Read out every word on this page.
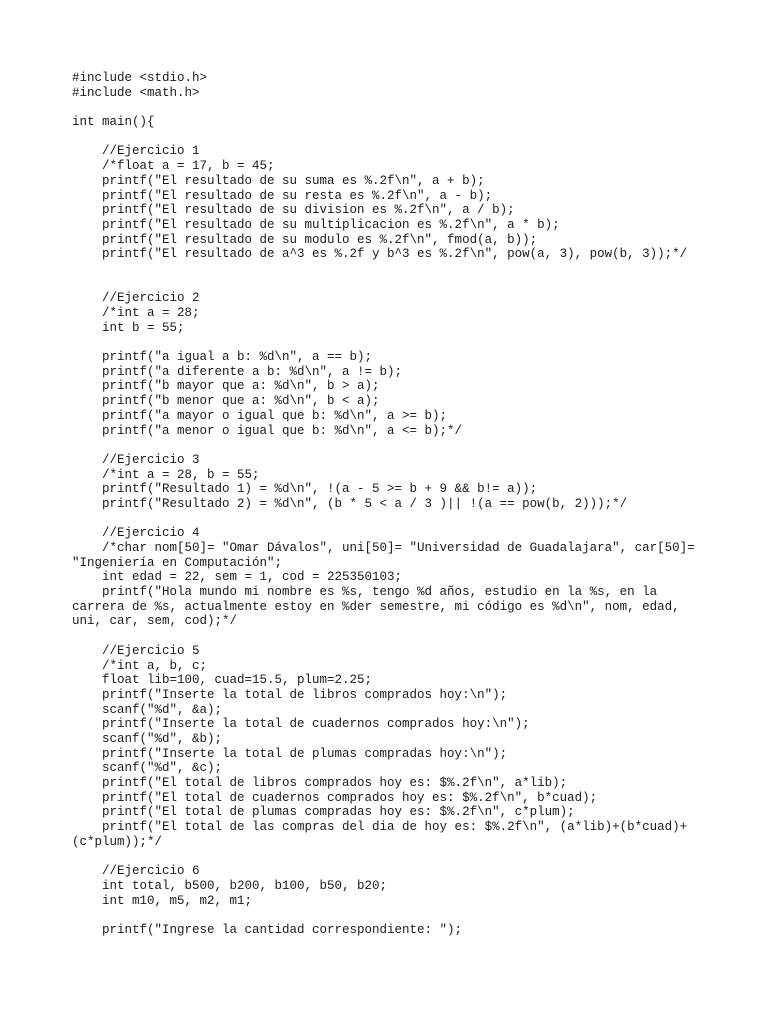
#include <stdio.h>
#include <math.h>
int main(){
//Ejercicio 1
/*float a = 17, b = 45;
printf("El resultado de su suma es %.2f\n", a + b);
printf("El resultado de su resta es %.2f\n", a - b);
printf("El resultado de su division es %.2f\n", a / b);
printf("El resultado de su multiplicacion es %.2f\n", a * b);
printf("El resultado de su modulo es %.2f\n", fmod(a, b));
printf("El resultado de a^3 es %.2f y b^3 es %.2f\n", pow(a, 3), pow(b, 3));*/
//Ejercicio 2
/*int a = 28;
int b = 55;
printf("a igual a b: %d\n", a == b);
printf("a diferente a b: %d\n", a != b);
printf("b mayor que a: %d\n", b > a);
printf("b menor que a: %d\n", b < a);
printf("a mayor o igual que b: %d\n", a >= b);
printf("a menor o igual que b: %d\n", a <= b);*/
//Ejercicio 3
/*int a = 28, b = 55;
printf("Resultado 1) = %d\n", !(a - 5 >= b + 9 && b!= a));
printf("Resultado 2) = %d\n", (b * 5 < a / 3 )|| !(a == pow(b, 2)));*/
//Ejercicio 4
/*char nom[50]= "Omar Dávalos", uni[50]= "Universidad de Guadalajara", car[50]=
"Ingeniería en Computación";
int edad = 22, sem = 1, cod = 225350103;
printf("Hola mundo mi nombre es %s, tengo %d años, estudio en la %s, en la
carrera de %s, actualmente estoy en %der semestre, mi código es %d\n", nom, edad,
uni, car, sem, cod);*/
//Ejercicio 5
/*int a, b, c;
float lib=100, cuad=15.5, plum=2.25;
printf("Inserte la total de libros comprados hoy:\n");
scanf("%d", &a);
printf("Inserte la total de cuadernos comprados hoy:\n");
scanf("%d", &b);
printf("Inserte la total de plumas compradas hoy:\n");
scanf("%d", &c);
printf("El total de libros comprados hoy es: $%.2f\n", a*lib);
printf("El total de cuadernos comprados hoy es: $%.2f\n", b*cuad);
printf("El total de plumas compradas hoy es: $%.2f\n", c*plum);
printf("El total de las compras del dia de hoy es: $%.2f\n", (a*lib)+(b*cuad)+
(c*plum));*/
//Ejercicio 6
int total, b500, b200, b100, b50, b20;
int m10, m5, m2, m1;
printf("Ingrese la cantidad correspondiente: ");
